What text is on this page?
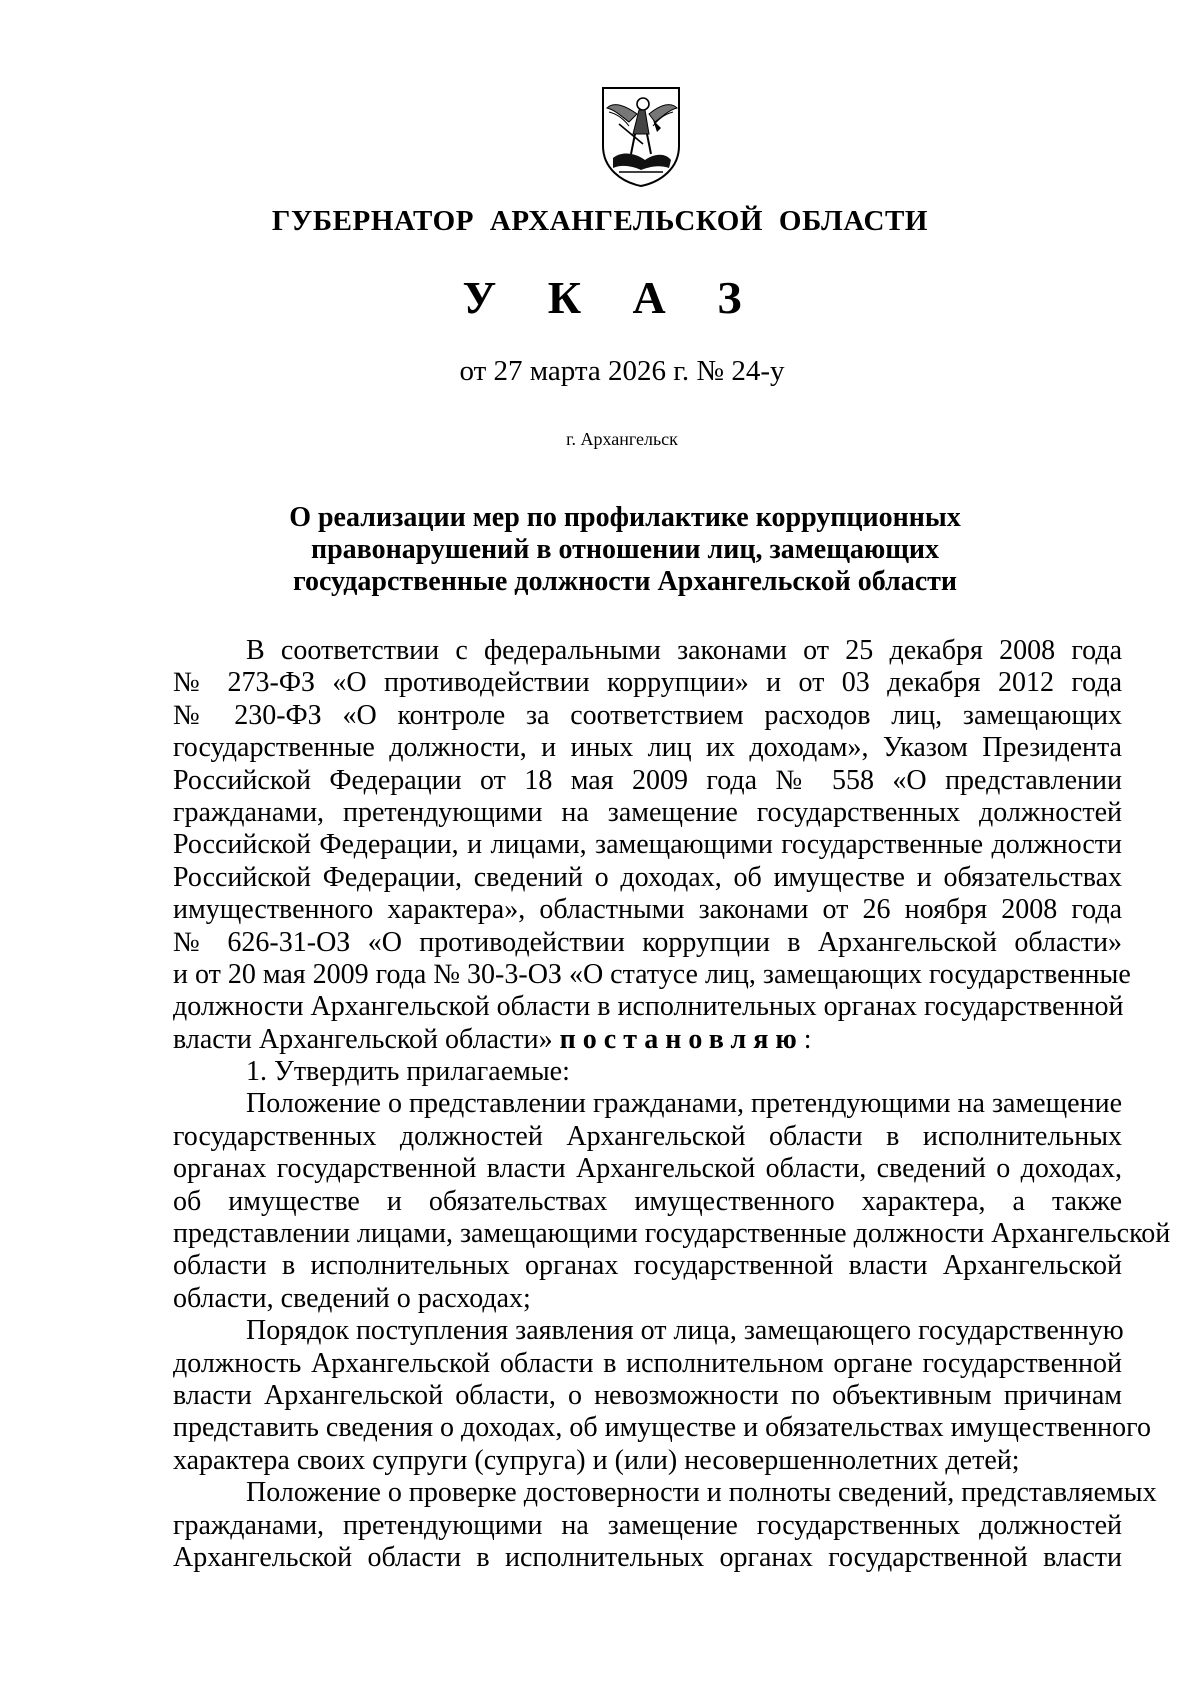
ГУБЕРНАТОР АРХАНГЕЛЬСКОЙ ОБЛАСТИ
У К А З
от 27 марта 2026 г. № 24-у
г. Архангельск
О реализации мер по профилактике коррупционных
правонарушений в отношении лиц, замещающих
государственные должности Архангельской области
В соответствии с федеральными законами от 25 декабря 2008 года
№ 273-ФЗ «О противодействии коррупции» и от 03 декабря 2012 года
№ 230-ФЗ «О контроле за соответствием расходов лиц, замещающих
государственные должности, и иных лиц их доходам», Указом Президента
Российской Федерации от 18 мая 2009 года № 558 «О представлении
гражданами, претендующими на замещение государственных должностей
Российской Федерации, и лицами, замещающими государственные должности
Российской Федерации, сведений о доходах, об имуществе и обязательствах
имущественного характера», областными законами от 26 ноября 2008 года
№ 626-31-ОЗ «О противодействии коррупции в Архангельской области»
и от 20 мая 2009 года № 30-3-ОЗ «О статусе лиц, замещающих государственные
должности Архангельской области в исполнительных органах государственной
власти Архангельской области» постановляю:
1. Утвердить прилагаемые:
Положение о представлении гражданами, претендующими на замещение
государственных должностей Архангельской области в исполнительных
органах государственной власти Архангельской области, сведений о доходах,
об имуществе и обязательствах имущественного характера, а также
представлении лицами, замещающими государственные должности Архангельской
области в исполнительных органах государственной власти Архангельской
области, сведений о расходах;
Порядок поступления заявления от лица, замещающего государственную
должность Архангельской области в исполнительном органе государственной
власти Архангельской области, о невозможности по объективным причинам
представить сведения о доходах, об имуществе и обязательствах имущественного
характера своих супруги (супруга) и (или) несовершеннолетних детей;
Положение о проверке достоверности и полноты сведений, представляемых
гражданами, претендующими на замещение государственных должностей
Архангельской области в исполнительных органах государственной власти
